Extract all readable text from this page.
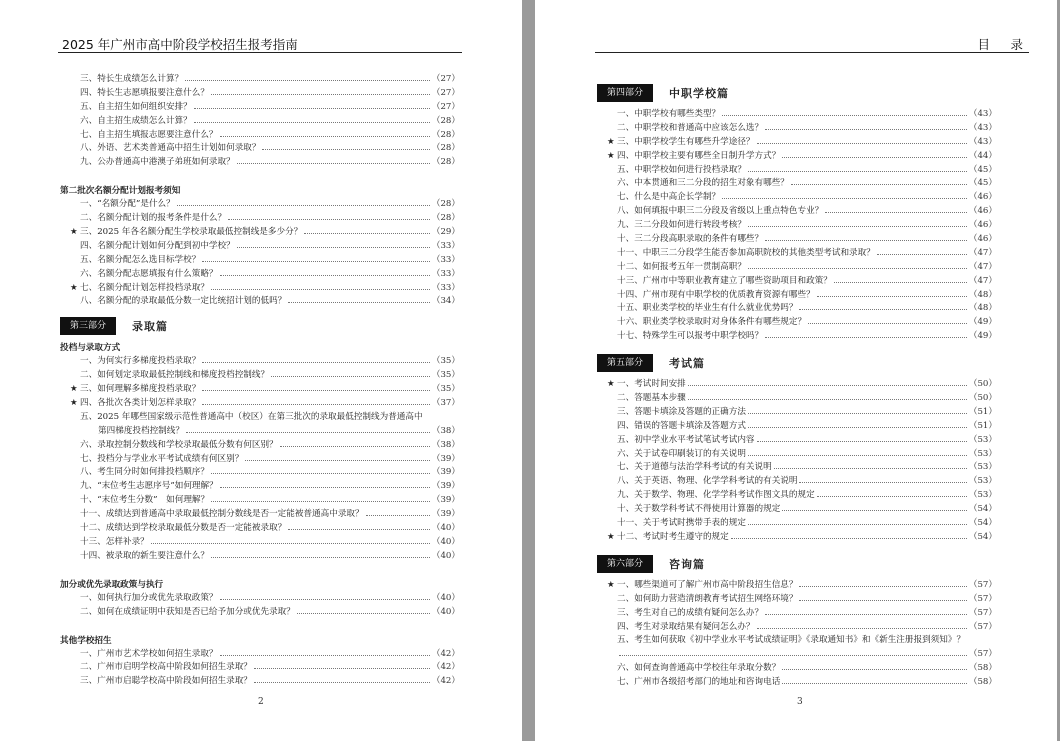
2025 年广州市高中阶段学校招生报考指南
三、特长生成绩怎么计算？	（27）
四、特长生志愿填报要注意什么？	（27）
五、自主招生如何组织安排？	（27）
六、自主招生成绩怎么计算？	（28）
七、自主招生填报志愿要注意什么？	（28）
八、外语、艺术类普通高中招生计划如何录取？	（28）
九、公办普通高中港澳子弟班如何录取？	（28）
第二批次名额分配计划报考须知
一、“名额分配”是什么？	（28）
二、名额分配计划的报考条件是什么？	（28）
★ 三、2025 年各名额分配生学校录取最低控制线是多少分？	（29）
四、名额分配计划如何分配到初中学校？	（33）
五、名额分配怎么选目标学校？	（33）
六、名额分配志愿填报有什么策略？	（33）
★ 七、名额分配计划怎样投档录取？	（33）
八、名额分配的录取最低分数一定比统招计划的低吗？	（34）
第三部分	录取篇
投档与录取方式
一、为何实行多梯度投档录取？	（35）
二、如何划定录取最低控制线和梯度投档控制线？	（35）
★ 三、如何理解多梯度投档录取？	（35）
★ 四、各批次各类计划怎样录取？	（37）
五、2025 年哪些国家级示范性普通高中（校区）在第三批次的录取最低控制线为普通高中
第四梯度投档控制线？	（38）
六、录取控制分数线和学校录取最低分数有何区别？	（38）
七、投档分与学业水平考试成绩有何区别？	（39）
八、考生同分时如何排投档顺序？	（39）
九、“末位考生志愿序号”如何理解？	（39）
十、“末位考生分数”　如何理解？	（39）
十一、成绩达到普通高中录取最低控制分数线是否一定能被普通高中录取？	（39）
十二、成绩达到学校录取最低分数是否一定能被录取？	（40）
十三、怎样补录？	（40）
十四、被录取的新生要注意什么？	（40）
加分或优先录取政策与执行
一、如何执行加分或优先录取政策？	（40）
二、如何在成绩证明中获知是否已给予加分或优先录取？	（40）
其他学校招生
一、广州市艺术学校如何招生录取？	（42）
二、广州市启明学校高中阶段如何招生录取？	（42）
三、广州市启聪学校高中阶段如何招生录取？	（42）
2
目　录
第四部分	中职学校篇
一、中职学校有哪些类型？	（43）
二、中职学校和普通高中应该怎么选？	（43）
★ 三、中职学校学生有哪些升学途径？	（43）
★ 四、中职学校主要有哪些全日制升学方式？	（44）
五、中职学校如何进行投档录取？	（45）
六、中本贯通和三二分段的招生对象有哪些？	（45）
七、什么是中高企长学制？	（46）
八、如何填报中职三二分段及省级以上重点特色专业？	（46）
九、三二分段如何进行转段考核？	（46）
十、三二分段高职录取的条件有哪些？	（46）
十一、中职三二分段学生能否参加高职院校的其他类型考试和录取？	（47）
十二、如何报考五年一贯制高职？	（47）
十三、广州市中等职业教育建立了哪些资助项目和政策？	（47）
十四、广州市现有中职学校的优质教育资源有哪些？	（48）
十五、职业类学校的毕业生有什么就业优势吗？	（48）
十六、职业类学校录取时对身体条件有哪些规定？	（49）
十七、特殊学生可以报考中职学校吗？	（49）
第五部分	考试篇
★ 一、考试时间安排	（50）
二、答题基本步骤	（50）
三、答题卡填涂及答题的正确方法	（51）
四、错误的答题卡填涂及答题方式	（51）
五、初中学业水平考试笔试考试内容	（53）
六、关于试卷印刷装订的有关说明	（53）
七、关于道德与法治学科考试的有关说明	（53）
八、关于英语、物理、化学学科考试的有关说明	（53）
九、关于数学、物理、化学学科考试作图文具的规定	（53）
十、关于数学科考试不得使用计算器的规定	（54）
十一、关于考试时携带手表的规定	（54）
★ 十二、考试时考生遵守的规定	（54）
第六部分	咨询篇
★ 一、哪些渠道可了解广州市高中阶段招生信息？	（57）
二、如何助力营造清朗教育考试招生网络环境？	（57）
三、考生对自己的成绩有疑问怎么办？	（57）
四、考生对录取结果有疑问怎么办？	（57）
五、考生如何获取《初中学业水平考试成绩证明》《录取通知书》和《新生注册报到须知》？
（57）
六、如何查询普通高中学校往年录取分数？	（58）
七、广州市各级招考部门的地址和咨询电话	（58）
3
